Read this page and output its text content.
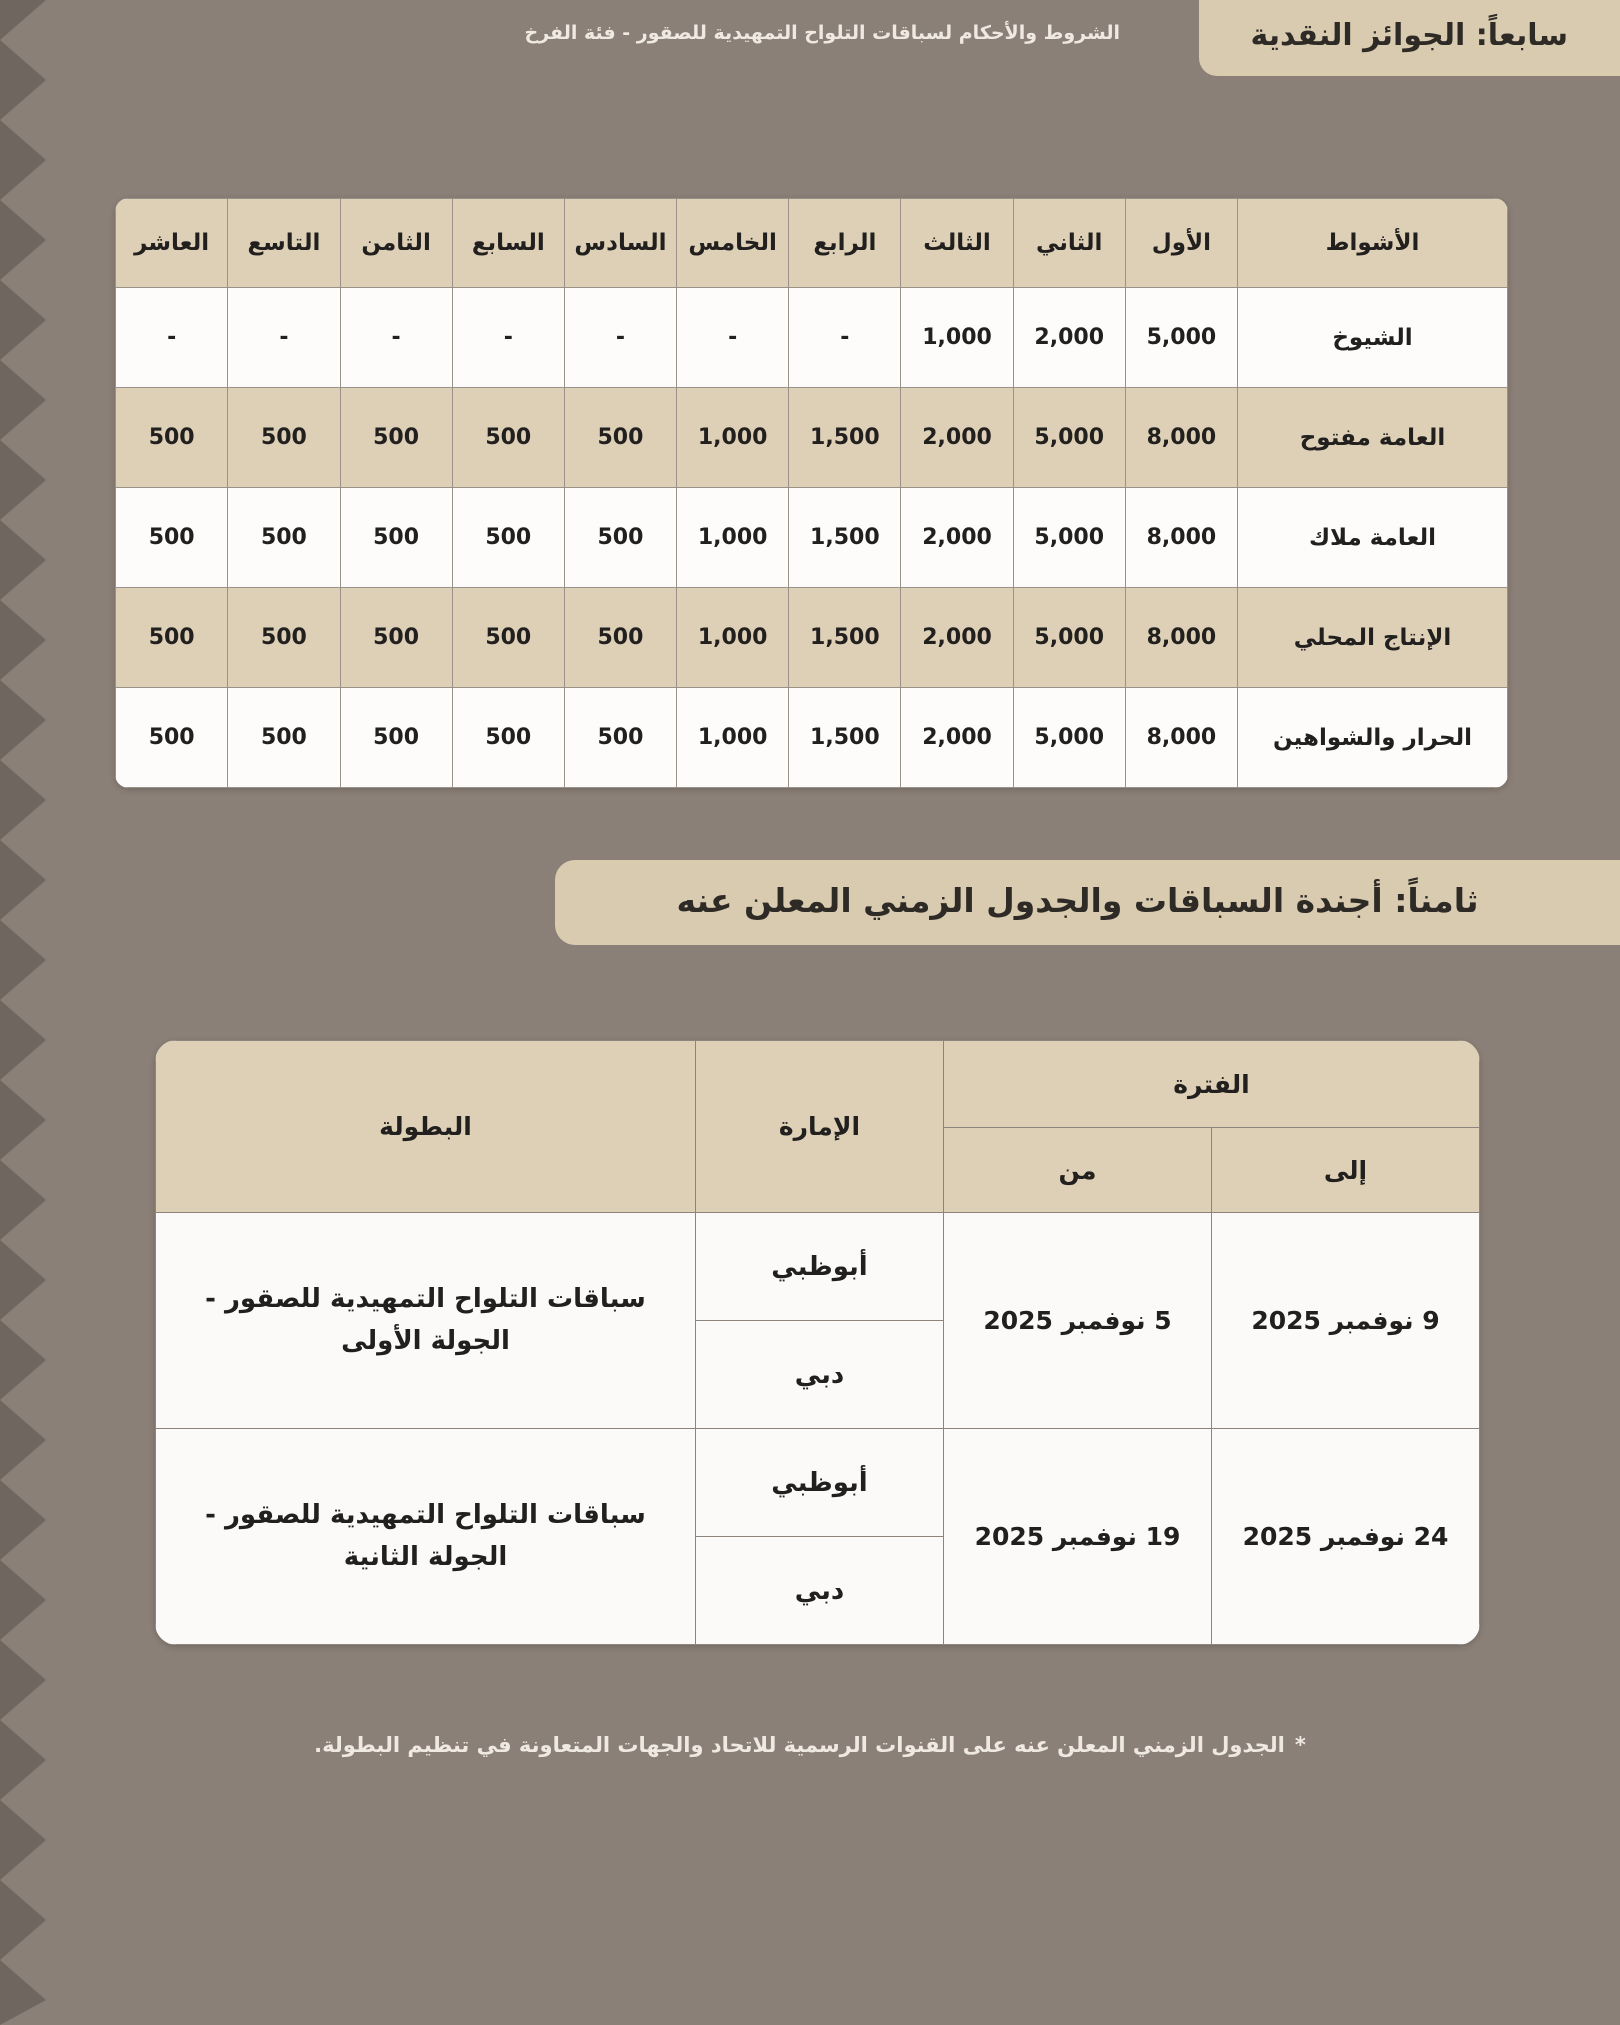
سابعاً: الجوائز النقدية
الشروط والأحكام لسباقات التلواح التمهيدية للصقور - فئة الفرخ
الأشواط	الأول	الثاني	الثالث	الرابع	الخامس	السادس	السابع	الثامن	التاسع	العاشر
الشيوخ	5,000	2,000	1,000	-	-	-	-	-	-	-
العامة مفتوح	8,000	5,000	2,000	1,500	1,000	500	500	500	500	500
العامة ملاك	8,000	5,000	2,000	1,500	1,000	500	500	500	500	500
الإنتاج المحلي	8,000	5,000	2,000	1,500	1,000	500	500	500	500	500
الحرار والشواهين	8,000	5,000	2,000	1,500	1,000	500	500	500	500	500
ثامناً: أجندة السباقات والجدول الزمني المعلن عنه
الفترة		الإمارة	البطولة
إلى	من		
9 نوفمبر 2025	5 نوفمبر 2025	أبوظبي	سباقات التلواح التمهيدية للصقور - الجولة الأولى
		دبي	
24 نوفمبر 2025	19 نوفمبر 2025	أبوظبي	سباقات التلواح التمهيدية للصقور - الجولة الثانية
		دبي	
*الجدول الزمني المعلن عنه على القنوات الرسمية للاتحاد والجهات المتعاونة في تنظيم البطولة.
